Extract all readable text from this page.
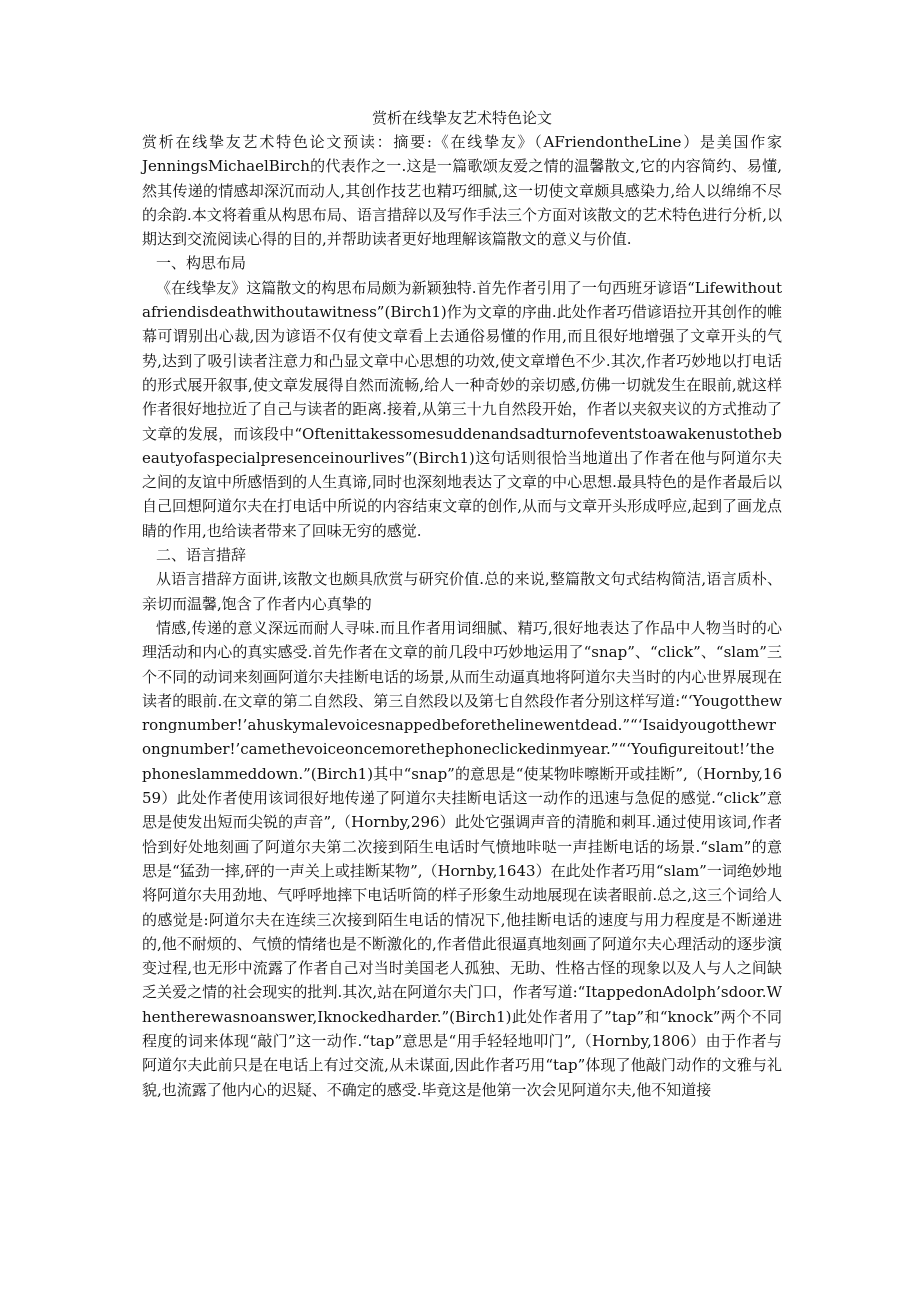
赏析在线挚友艺术特色论文

赏析在线挚友艺术特色论文预读：摘要:《在线挚友》（AFriendontheLine）是美国作家JenningsMichaelBirch的代表作之一.这是一篇歌颂友爱之情的温馨散文,它的内容简约、易懂,然其传递的情感却深沉而动人,其创作技艺也精巧细腻,这一切使文章颇具感染力,给人以绵绵不尽的余韵.本文将着重从构思布局、语言措辞以及写作手法三个方面对该散文的艺术特色进行分析,以期达到交流阅读心得的目的,并帮助读者更好地理解该篇散文的意义与价值.

一、构思布局

《在线挚友》这篇散文的构思布局颇为新颖独特.首先作者引用了一句西班牙谚语“Lifewithoutafriendisdeathwithoutawitness”(Birch1)作为文章的序曲.此处作者巧借谚语拉开其创作的帷幕可谓别出心裁,因为谚语不仅有使文章看上去通俗易懂的作用,而且很好地增强了文章开头的气势,达到了吸引读者注意力和凸显文章中心思想的功效,使文章增色不少.其次,作者巧妙地以打电话的形式展开叙事,使文章发展得自然而流畅,给人一种奇妙的亲切感,仿佛一切就发生在眼前,就这样作者很好地拉近了自己与读者的距离.接着,从第三十九自然段开始，作者以夹叙夹议的方式推动了文章的发展，而该段中“Oftenittakessomesuddenandsadturnofeventstoawakenustothebeautyofaspecialpresenceinourlives”(Birch1)这句话则很恰当地道出了作者在他与阿道尔夫之间的友谊中所感悟到的人生真谛,同时也深刻地表达了文章的中心思想.最具特色的是作者最后以自己回想阿道尔夫在打电话中所说的内容结束文章的创作,从而与文章开头形成呼应,起到了画龙点睛的作用,也给读者带来了回味无穷的感觉.

二、语言措辞

从语言措辞方面讲,该散文也颇具欣赏与研究价值.总的来说,整篇散文句式结构简洁,语言质朴、亲切而温馨,饱含了作者内心真挚的

情感,传递的意义深远而耐人寻味.而且作者用词细腻、精巧,很好地表达了作品中人物当时的心理活动和内心的真实感受.首先作者在文章的前几段中巧妙地运用了“snap”、“click”、“slam”三个不同的动词来刻画阿道尔夫挂断电话的场景,从而生动逼真地将阿道尔夫当时的内心世界展现在读者的眼前.在文章的第二自然段、第三自然段以及第七自然段作者分别这样写道:“‘Yougotthewrongnumber!’ahuskymalevoicesnappedbeforethelinewentdead.”“‘Isaidyougotthewrongnumber!’camethevoiceoncemorethephoneclickedinmyear.”“‘Youfigureitout!’thephoneslammeddown.”(Birch1)其中“snap”的意思是“使某物咔嚓断开或挂断”,（Hornby,1659）此处作者使用该词很好地传递了阿道尔夫挂断电话这一动作的迅速与急促的感觉.“click”意思是使发出短而尖锐的声音”,（Hornby,296）此处它强调声音的清脆和刺耳.通过使用该词,作者恰到好处地刻画了阿道尔夫第二次接到陌生电话时气愤地咔哒一声挂断电话的场景.“slam”的意思是“猛劲一摔,砰的一声关上或挂断某物”,（Hornby,1643）在此处作者巧用“slam”一词绝妙地将阿道尔夫用劲地、气呼呼地摔下电话听筒的样子形象生动地展现在读者眼前.总之,这三个词给人的感觉是:阿道尔夫在连续三次接到陌生电话的情况下,他挂断电话的速度与用力程度是不断递进的,他不耐烦的、气愤的情绪也是不断激化的,作者借此很逼真地刻画了阿道尔夫心理活动的逐步演变过程,也无形中流露了作者自己对当时美国老人孤独、无助、性格古怪的现象以及人与人之间缺乏关爱之情的社会现实的批判.其次,站在阿道尔夫门口，作者写道:“ItappedonAdolph’sdoor.Whentherewasnoanswer,Iknockedharder.”(Birch1)此处作者用了”tap”和“knock”两个不同程度的词来体现“敲门”这一动作.“tap”意思是“用手轻轻地叩门”,（Hornby,1806）由于作者与阿道尔夫此前只是在电话上有过交流,从未谋面,因此作者巧用“tap”体现了他敲门动作的文雅与礼貌,也流露了他内心的迟疑、不确定的感受.毕竟这是他第一次会见阿道尔夫,他不知道接
